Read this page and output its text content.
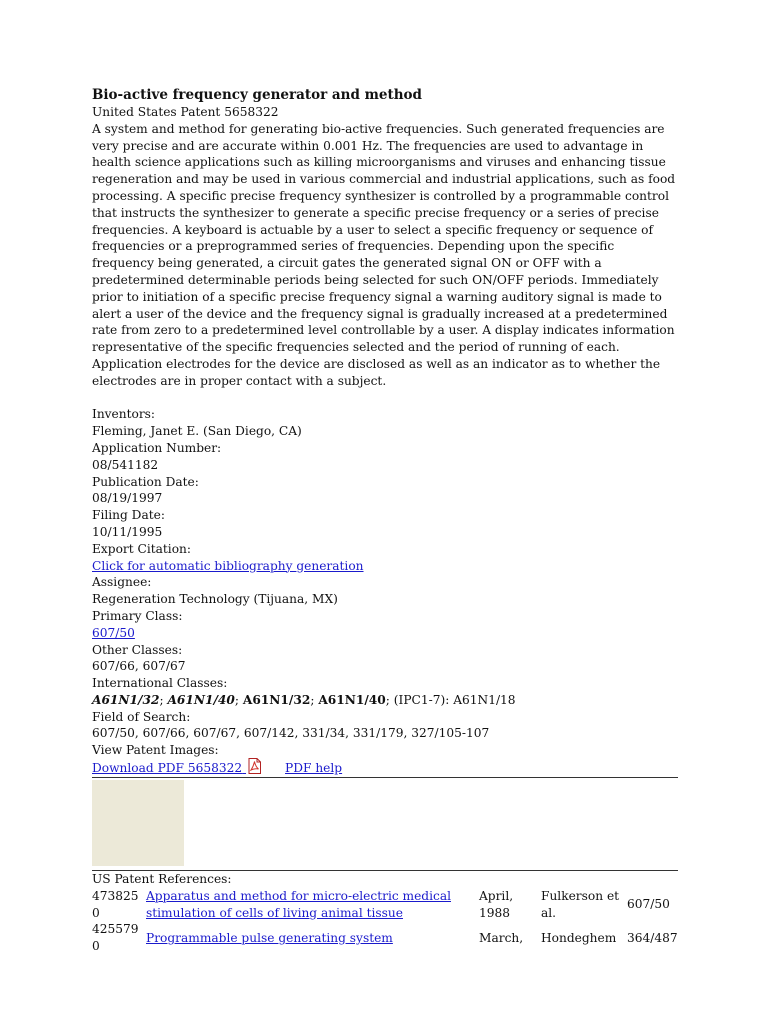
Bio-active frequency generator and method
United States Patent 5658322

A system and method for generating bio-active frequencies. Such generated frequencies are very precise and are accurate within 0.001 Hz. The frequencies are used to advantage in health science applications such as killing microorganisms and viruses and enhancing tissue regeneration and may be used in various commercial and industrial applications, such as food processing. A specific precise frequency synthesizer is controlled by a programmable control that instructs the synthesizer to generate a specific precise frequency or a series of precise frequencies. A keyboard is actuable by a user to select a specific frequency or sequence of frequencies or a preprogrammed series of frequencies. Depending upon the specific frequency being generated, a circuit gates the generated signal ON or OFF with a predetermined determinable periods being selected for such ON/OFF periods. Immediately prior to initiation of a specific precise frequency signal a warning auditory signal is made to alert a user of the device and the frequency signal is gradually increased at a predetermined rate from zero to a predetermined level controllable by a user. A display indicates information representative of the specific frequencies selected and the period of running of each. Application electrodes for the device are disclosed as well as an indicator as to whether the electrodes are in proper contact with a subject.

Inventors:
Fleming, Janet E. (San Diego, CA)
Application Number:
08/541182
Publication Date:
08/19/1997
Filing Date:
10/11/1995
Export Citation:
Click for automatic bibliography generation
Assignee:
Regeneration Technology (Tijuana, MX)
Primary Class:
607/50
Other Classes:
607/66, 607/67
International Classes:
A61N1/32; A61N1/40; A61N1/32; A61N1/40; (IPC1-7): A61N1/18
Field of Search:
607/50, 607/66, 607/67, 607/142, 331/34, 331/179, 327/105-107
View Patent Images:
Download PDF 5658322	PDF help
US Patent References:
4738250	Apparatus and method for micro-electric medical stimulation of cells of living animal tissue	April, 1988	Fulkerson et al.	607/50
4255790	Programmable pulse generating system	March,	Hondeghem	364/487
